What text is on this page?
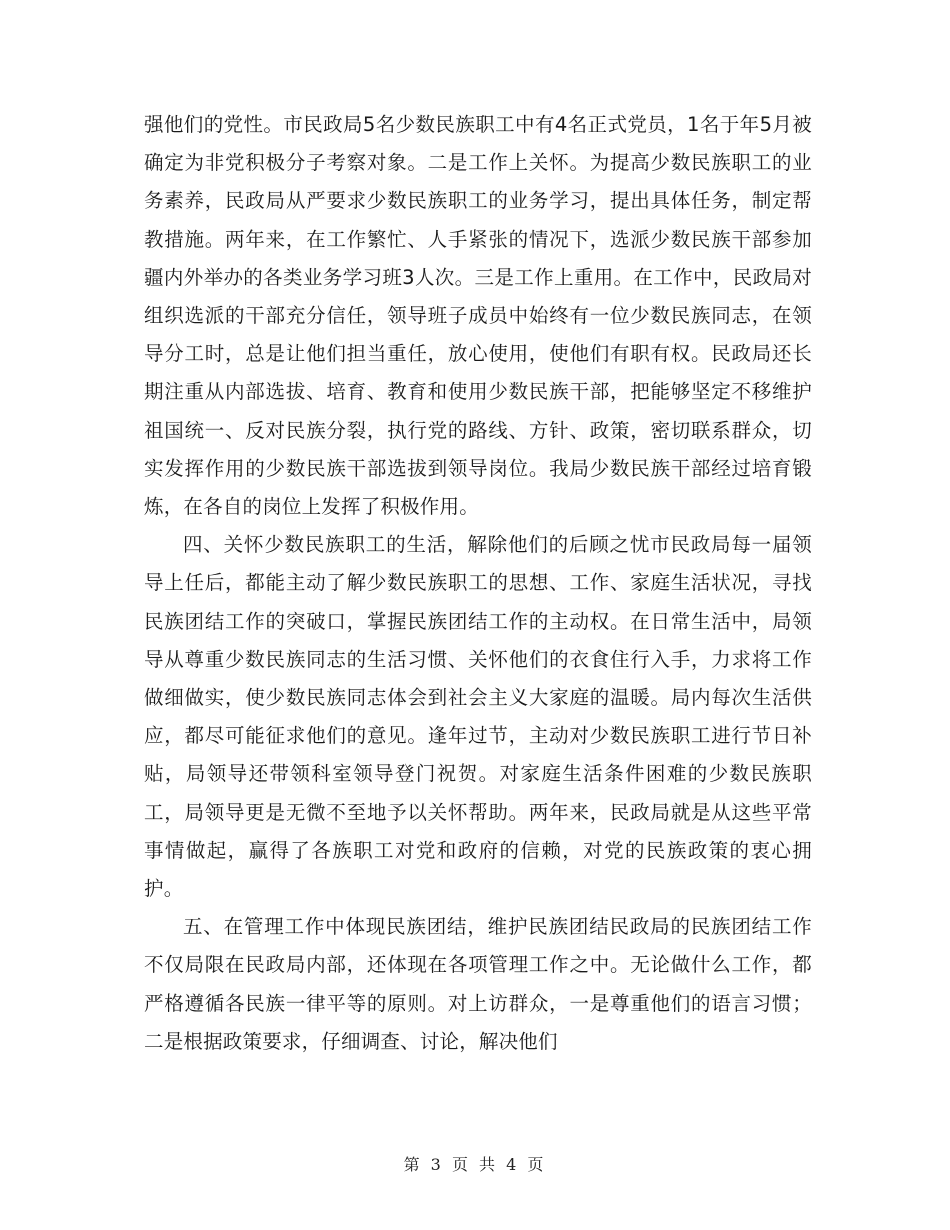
强他们的党性。市民政局5名少数民族职工中有4名正式党员，1名于年5月被确定为非党积极分子考察对象。二是工作上关怀。为提高少数民族职工的业务素养，民政局从严要求少数民族职工的业务学习，提出具体任务，制定帮教措施。两年来，在工作繁忙、人手紧张的情况下，选派少数民族干部参加疆内外举办的各类业务学习班3人次。三是工作上重用。在工作中，民政局对组织选派的干部充分信任，领导班子成员中始终有一位少数民族同志，在领导分工时，总是让他们担当重任，放心使用，使他们有职有权。民政局还长期注重从内部选拔、培育、教育和使用少数民族干部，把能够坚定不移维护祖国统一、反对民族分裂，执行党的路线、方针、政策，密切联系群众，切实发挥作用的少数民族干部选拔到领导岗位。我局少数民族干部经过培育锻炼，在各自的岗位上发挥了积极作用。

四、关怀少数民族职工的生活，解除他们的后顾之忧市民政局每一届领导上任后，都能主动了解少数民族职工的思想、工作、家庭生活状况，寻找民族团结工作的突破口，掌握民族团结工作的主动权。在日常生活中，局领导从尊重少数民族同志的生活习惯、关怀他们的衣食住行入手，力求将工作做细做实，使少数民族同志体会到社会主义大家庭的温暖。局内每次生活供应，都尽可能征求他们的意见。逢年过节，主动对少数民族职工进行节日补贴，局领导还带领科室领导登门祝贺。对家庭生活条件困难的少数民族职工，局领导更是无微不至地予以关怀帮助。两年来，民政局就是从这些平常事情做起，赢得了各族职工对党和政府的信赖，对党的民族政策的衷心拥护。

五、在管理工作中体现民族团结，维护民族团结民政局的民族团结工作不仅局限在民政局内部，还体现在各项管理工作之中。无论做什么工作，都严格遵循各民族一律平等的原则。对上访群众，一是尊重他们的语言习惯；二是根据政策要求，仔细调查、讨论，解决他们

第 3 页 共 4 页
